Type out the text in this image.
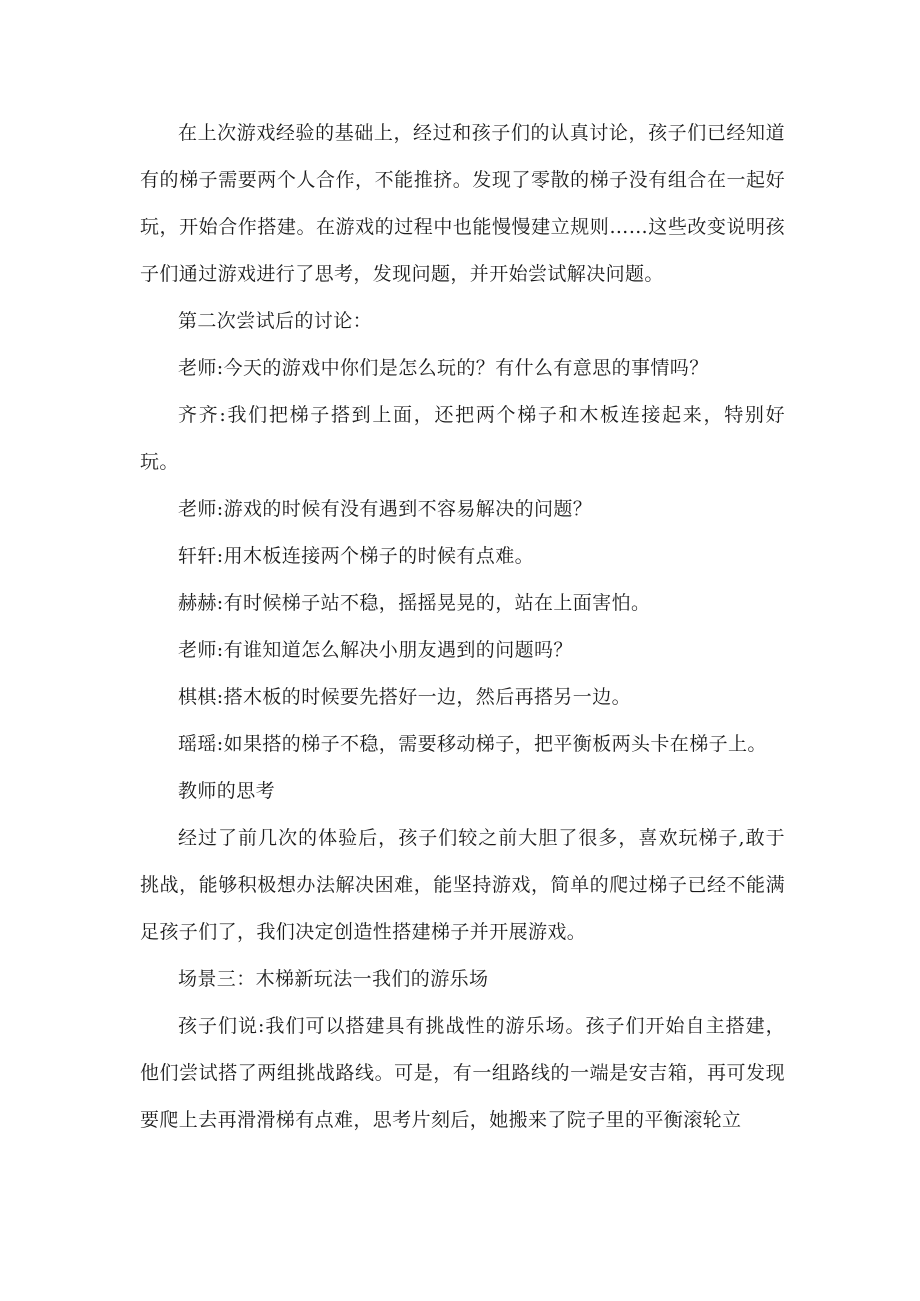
在上次游戏经验的基础上，经过和孩子们的认真讨论，孩子们已经知道有的梯子需要两个人合作，不能推挤。发现了零散的梯子没有组合在一起好玩，开始合作搭建。在游戏的过程中也能慢慢建立规则……这些改变说明孩子们通过游戏进行了思考，发现问题，并开始尝试解决问题。

第二次尝试后的讨论：

老师:今天的游戏中你们是怎么玩的？有什么有意思的事情吗？

齐齐:我们把梯子搭到上面，还把两个梯子和木板连接起来，特别好玩。

老师:游戏的时候有没有遇到不容易解决的问题？

轩轩:用木板连接两个梯子的时候有点难。

赫赫:有时候梯子站不稳，摇摇晃晃的，站在上面害怕。

老师:有谁知道怎么解决小朋友遇到的问题吗？

棋棋:搭木板的时候要先搭好一边，然后再搭另一边。

瑶瑶:如果搭的梯子不稳，需要移动梯子，把平衡板两头卡在梯子上。

教师的思考

经过了前几次的体验后，孩子们较之前大胆了很多，喜欢玩梯子,敢于挑战，能够积极想办法解决困难，能坚持游戏，简单的爬过梯子已经不能满足孩子们了，我们决定创造性搭建梯子并开展游戏。

场景三：木梯新玩法一我们的游乐场

孩子们说:我们可以搭建具有挑战性的游乐场。孩子们开始自主搭建，他们尝试搭了两组挑战路线。可是，有一组路线的一端是安吉箱，再可发现要爬上去再滑滑梯有点难，思考片刻后，她搬来了院子里的平衡滚轮立
